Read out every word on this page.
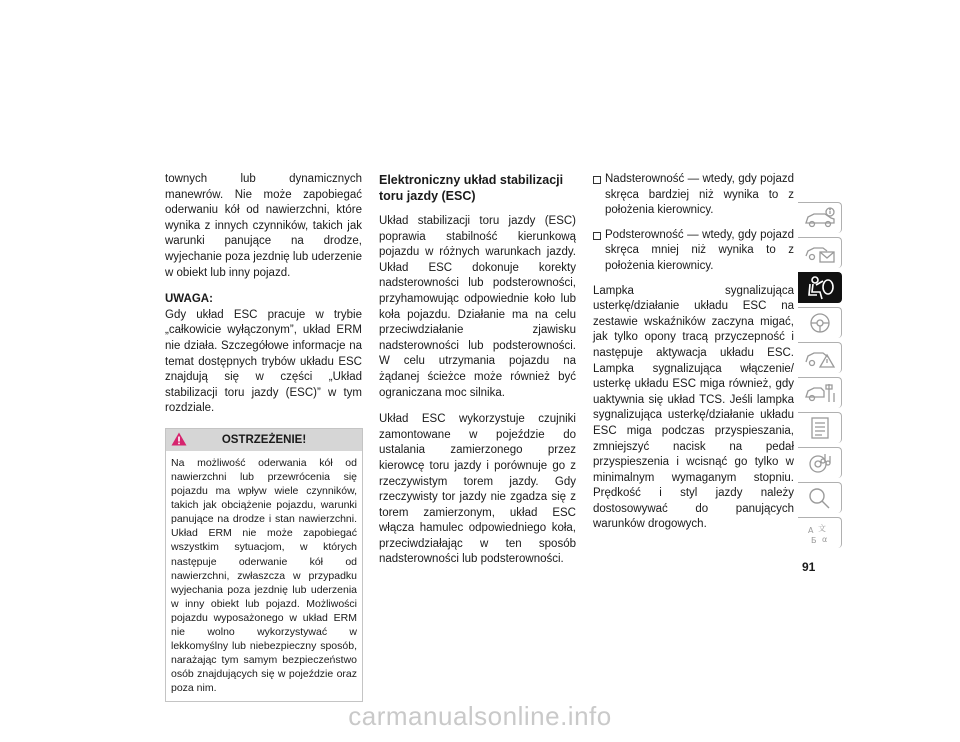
townych lub dynamicznych manewrów. Nie może zapobiegać oderwaniu kół od nawierzchni, które wynika z innych czynników, takich jak warunki panujące na drodze, wyjechanie poza jezdnię lub uderzenie w obiekt lub inny pojazd.

UWAGA:
Gdy układ ESC pracuje w trybie „całkowicie wyłączonym”, układ ERM nie działa. Szczegółowe informacje na temat dostępnych trybów układu ESC znajdują się w części „Układ stabilizacji toru jazdy (ESC)” w tym rozdziale.

OSTRZEŻENIE!
Na możliwość oderwania kół od nawierzchni lub przewrócenia się pojazdu ma wpływ wiele czynników, takich jak obciążenie pojazdu, warunki panujące na drodze i stan nawierzchni. Układ ERM nie może zapobiegać wszystkim sytuacjom, w których następuje oderwanie kół od nawierzchni, zwłaszcza w przypadku wyjechania poza jezdnię lub uderzenia w inny obiekt lub pojazd. Możliwości pojazdu wyposażonego w układ ERM nie wolno wykorzystywać w lekkomyślny lub niebezpieczny sposób, narażając tym samym bezpieczeństwo osób znajdujących się w pojeździe oraz poza nim.
Elektroniczny układ stabilizacji toru jazdy (ESC)

Układ stabilizacji toru jazdy (ESC) poprawia stabilność kierunkową pojazdu w różnych warunkach jazdy. Układ ESC dokonuje korekty nadsterowności lub podsterowności, przyhamowując odpowiednie koło lub koła pojazdu. Działanie ma na celu przeciwdziałanie zjawisku nadsterowności lub podsterowności. W celu utrzymania pojazdu na żądanej ścieżce może również być ograniczana moc silnika.

Układ ESC wykorzystuje czujniki zamontowane w pojeździe do ustalania zamierzonego przez kierowcę toru jazdy i porównuje go z rzeczywistym torem jazdy. Gdy rzeczywisty tor jazdy nie zgadza się z torem zamierzonym, układ ESC włącza hamulec odpowiedniego koła, przeciwdziałając w ten sposób nadsterowności lub podsterowności.

Nadsterowność — wtedy, gdy pojazd skręca bardziej niż wynika to z położenia kierownicy.
Podsterowność — wtedy, gdy pojazd skręca mniej niż wynika to z położenia kierownicy.

Lampka sygnalizująca usterkę/działanie układu ESC na zestawie wskaźników zaczyna migać, jak tylko opony tracą przyczepność i następuje aktywacja układu ESC. Lampka sygnalizująca włączenie/ usterkę układu ESC miga również, gdy uaktywnia się układ TCS. Jeśli lampka sygnalizująca usterkę/działanie układu ESC miga podczas przyspieszania, zmniejszyć nacisk na pedał przyspieszenia i wcisnąć go tylko w minimalnym wymaganym stopniu. Prędkość i styl jazdy należy dostosowywać do panujących warunków drogowych.

A 文
Б α
91
carmanualsonline.info
